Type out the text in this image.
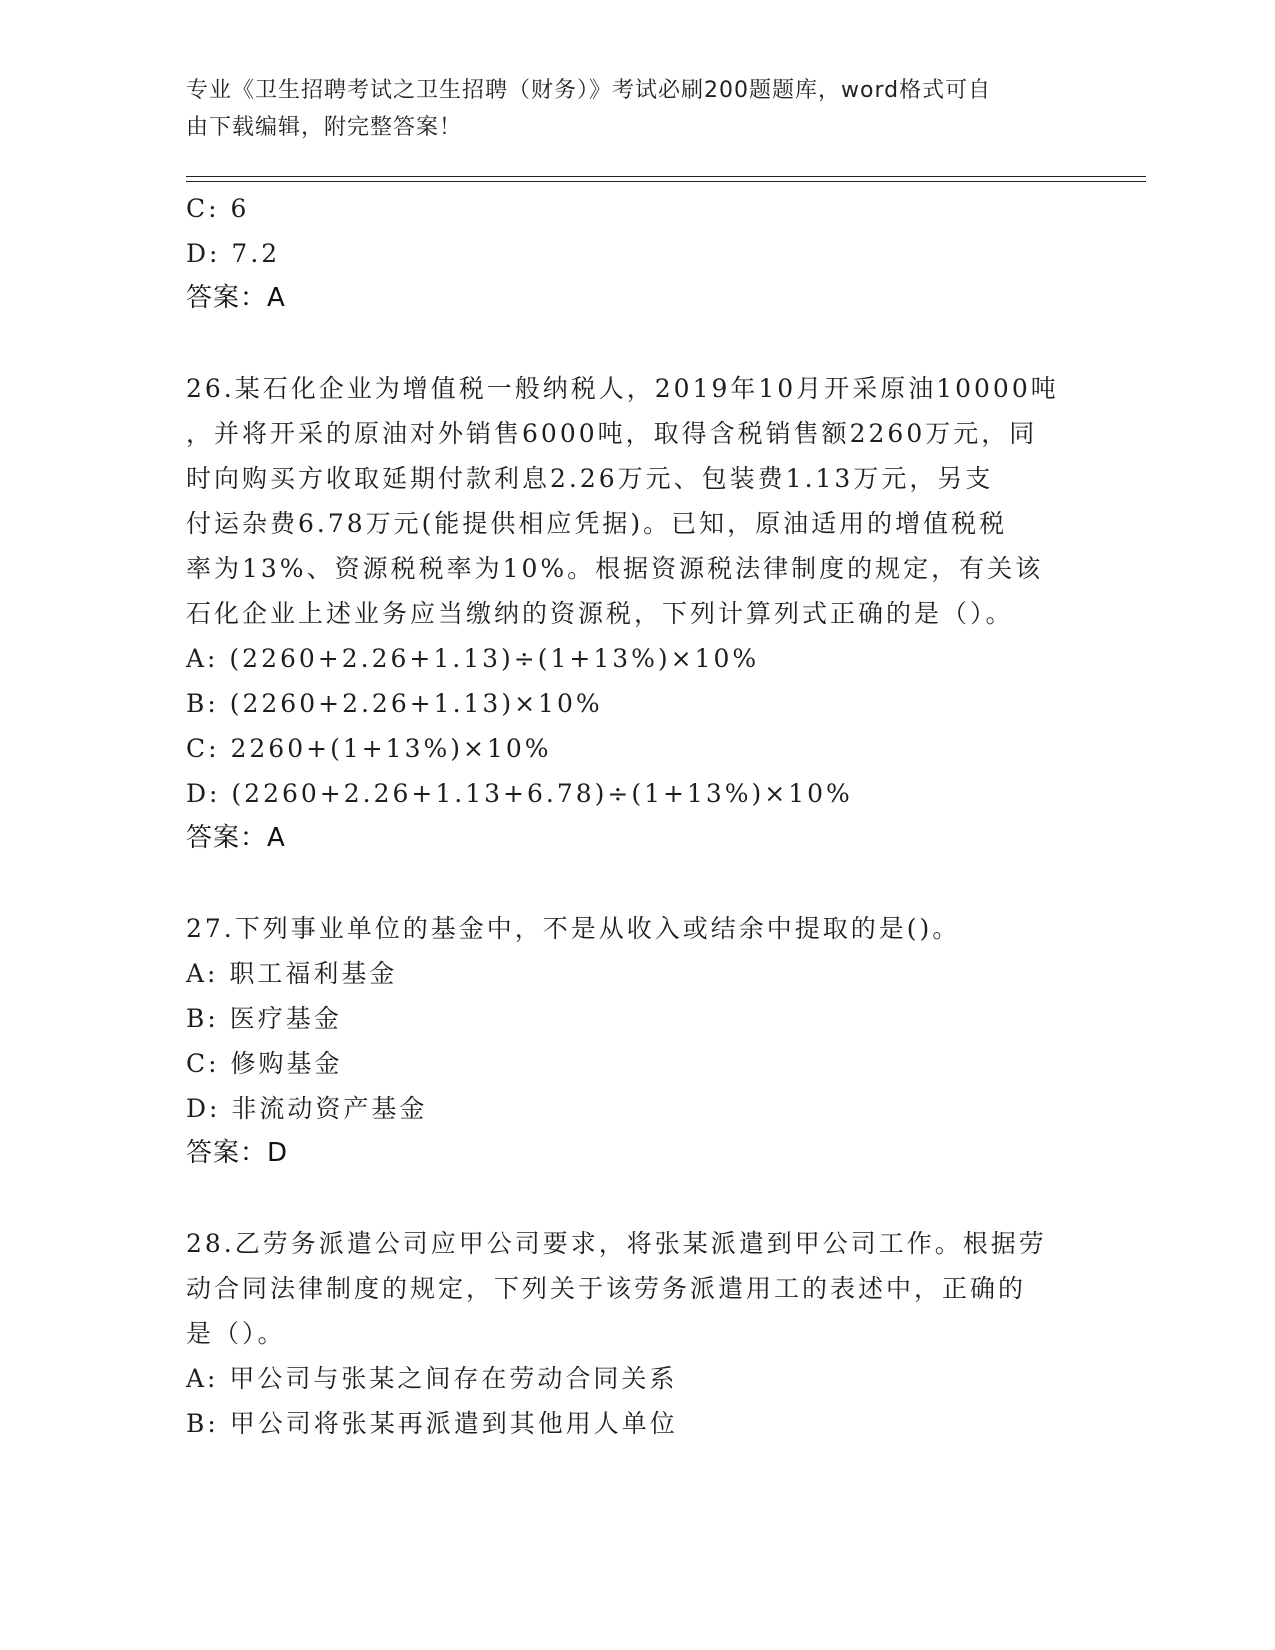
专业《卫生招聘考试之卫生招聘（财务）》考试必刷200题题库，word格式可自
由下载编辑，附完整答案！

C: 6

D: 7.2

答案：A

26.某石化企业为增值税一般纳税人，2019年10月开采原油10000吨

，并将开采的原油对外销售6000吨，取得含税销售额2260万元，同

时向购买方收取延期付款利息2.26万元、包装费1.13万元，另支

付运杂费6.78万元(能提供相应凭据)。已知，原油适用的增值税税

率为13%、资源税税率为10%。根据资源税法律制度的规定，有关该

石化企业上述业务应当缴纳的资源税，下列计算列式正确的是（）。

A: (2260+2.26+1.13)÷(1+13%)×10%

B: (2260+2.26+1.13)×10%

C: 2260+(1+13%)×10%

D: (2260+2.26+1.13+6.78)÷(1+13%)×10%

答案：A

27.下列事业单位的基金中，不是从收入或结余中提取的是()。

A: 职工福利基金

B: 医疗基金

C: 修购基金

D: 非流动资产基金

答案：D

28.乙劳务派遣公司应甲公司要求，将张某派遣到甲公司工作。根据劳

动合同法律制度的规定，下列关于该劳务派遣用工的表述中，正确的

是（）。

A: 甲公司与张某之间存在劳动合同关系

B: 甲公司将张某再派遣到其他用人单位
